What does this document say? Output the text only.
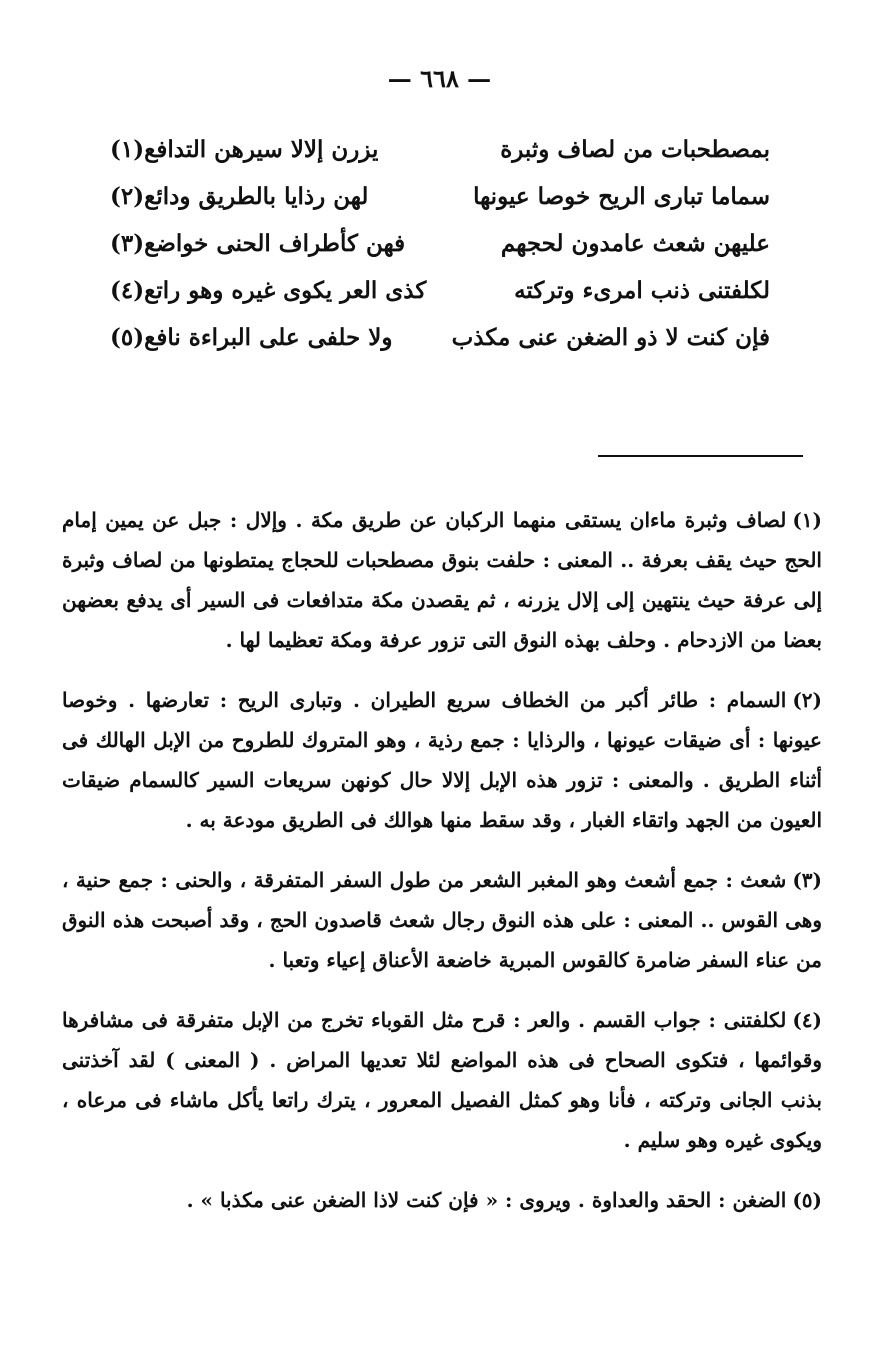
— ٦٦٨ —
بمصطحبات من لصاف وثبرة
يزرن إلالا سيرهن التدافع(١)
سماما تبارى الريح خوصا عيونها
لهن رذايا بالطريق ودائع(٢)
عليهن شعث عامدون لحجهم
فهن كأطراف الحنى خواضع(٣)
لكلفتنى ذنب امرىء وتركته
كذى العر يكوى غيره وهو راتع(٤)
فإن كنت لا ذو الضغن عنى مكذب
ولا حلفى على البراءة نافع(٥)

(١)لصاف وثبرة ماءان يستقى منهما الركبان عن طريق مكة . وإلال : جبل عن يمين إمام الحج حيث يقف بعرفة .. المعنى : حلفت بنوق مصطحبات للحجاج يمتطونها من لصاف وثبرة إلى عرفة حيث ينتهين إلى إلال يزرنه ، ثم يقصدن مكة متدافعات فى السير أى يدفع بعضهن بعضا من الازدحام . وحلف بهذه النوق التى تزور عرفة ومكة تعظيما لها .

(٢)السمام : طائر أكبر من الخطاف سريع الطيران . وتبارى الريح : تعارضها . وخوصا عيونها : أى ضيقات عيونها ، والرذايا : جمع رذية ، وهو المتروك للطروح من الإبل الهالك فى أثناء الطريق . والمعنى : تزور هذه الإبل إلالا حال كونهن سريعات السير كالسمام ضيقات العيون من الجهد واتقاء الغبار ، وقد سقط منها هوالك فى الطريق مودعة به .

(٣)شعث : جمع أشعث وهو المغبر الشعر من طول السفر المتفرقة ، والحنى : جمع حنية ، وهى القوس .. المعنى : على هذه النوق رجال شعث قاصدون الحج ، وقد أصبحت هذه النوق من عناء السفر ضامرة كالقوس المبرية خاضعة الأعناق إعياء وتعبا .

(٤)لكلفتنى : جواب القسم . والعر : قرح مثل القوباء تخرج من الإبل متفرقة فى مشافرها وقوائمها ، فتكوى الصحاح فى هذه المواضع لئلا تعديها المراض . ( المعنى ) لقد آخذتنى بذنب الجانى وتركته ، فأنا وهو كمثل الفصيل المعرور ، يترك راتعا يأكل ماشاء فى مرعاه ، ويكوى غيره وهو سليم .

(٥)الضغن : الحقد والعداوة . ويروى : « فإن كنت لاذا الضغن عنى مكذبا » .
